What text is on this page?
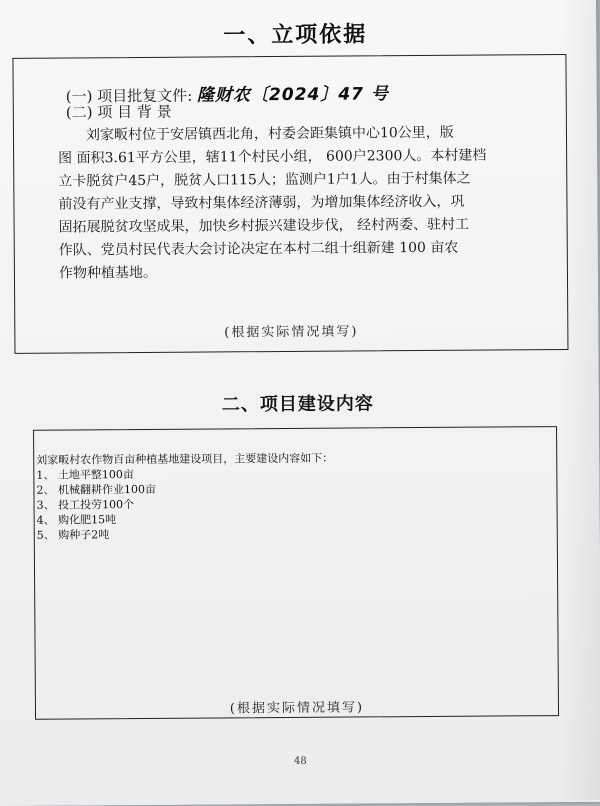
一、立项依据
(一) 项目批复文件: 隆财农〔2024〕47 号
(二) 项 目 背 景
刘家畈村位于安居镇西北角，村委会距集镇中心10公里，版
图 面积3.61平方公里，辖11个村民小组， 600户2300人。本村建档
立卡脱贫户45户，脱贫人口115人；监测户1户1人。由于村集体之
前没有产业支撑，导致村集体经济薄弱，为增加集体经济收入，巩
固拓展脱贫攻坚成果，加快乡村振兴建设步伐， 经村两委、驻村工
作队、党员村民代表大会讨论决定在本村二组十组新建 100 亩农
作物种植基地。
(根据实际情况填写)
二、项目建设内容
刘家畈村农作物百亩种植基地建设项目，主要建设内容如下：
1、 土地平整100亩
2、 机械翻耕作业100亩
3、 投工投劳100个
4、 购化肥15吨
5、 购种子2吨
(根据实际情况填写)
48
